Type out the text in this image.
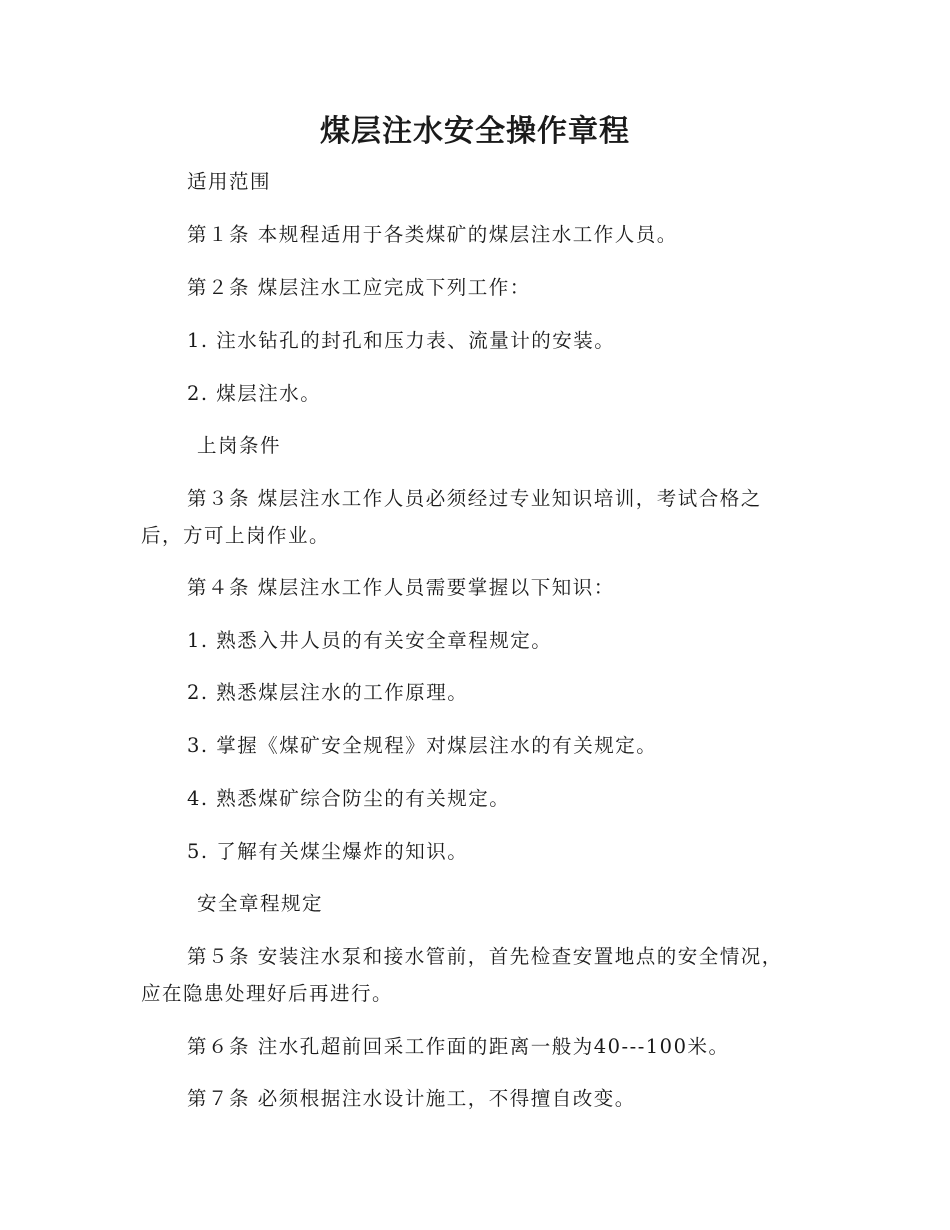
煤层注水安全操作章程

适用范围

第１条 本规程适用于各类煤矿的煤层注水工作人员。

第２条 煤层注水工应完成下列工作：

1. 注水钻孔的封孔和压力表、流量计的安装。

2. 煤层注水。

上岗条件

第３条 煤层注水工作人员必须经过专业知识培训，考试合格之

后，方可上岗作业。

第４条 煤层注水工作人员需要掌握以下知识：

1. 熟悉入井人员的有关安全章程规定。

2. 熟悉煤层注水的工作原理。

3. 掌握《煤矿安全规程》对煤层注水的有关规定。

4. 熟悉煤矿综合防尘的有关规定。

5. 了解有关煤尘爆炸的知识。

安全章程规定

第５条 安装注水泵和接水管前，首先检查安置地点的安全情况，

应在隐患处理好后再进行。

第６条 注水孔超前回采工作面的距离一般为40---100米。

第７条 必须根据注水设计施工，不得擅自改变。
